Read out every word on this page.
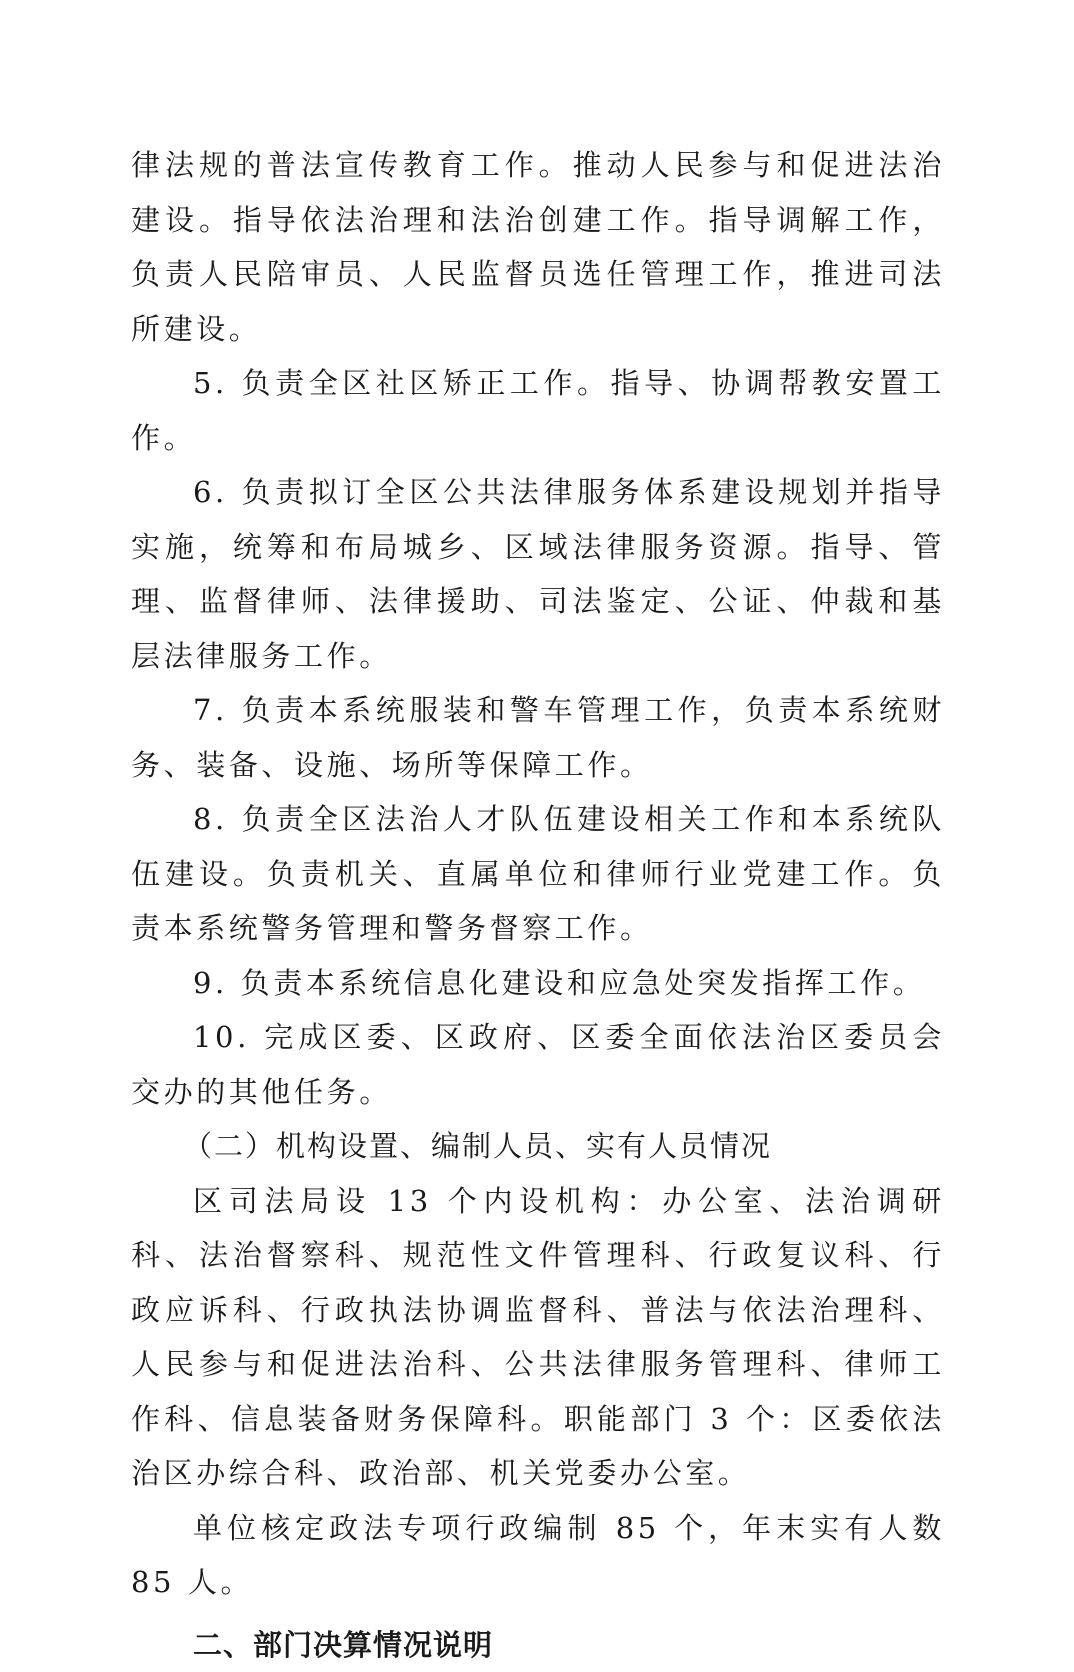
律法规的普法宣传教育工作。推动人民参与和促进法治建设。指导依法治理和法治创建工作。指导调解工作，负责人民陪审员、人民监督员选任管理工作，推进司法所建设。

5. 负责全区社区矫正工作。指导、协调帮教安置工作。

6. 负责拟订全区公共法律服务体系建设规划并指导实施，统筹和布局城乡、区域法律服务资源。指导、管理、监督律师、法律援助、司法鉴定、公证、仲裁和基层法律服务工作。

7. 负责本系统服装和警车管理工作，负责本系统财务、装备、设施、场所等保障工作。

8. 负责全区法治人才队伍建设相关工作和本系统队伍建设。负责机关、直属单位和律师行业党建工作。负责本系统警务管理和警务督察工作。

9. 负责本系统信息化建设和应急处突发指挥工作。

10. 完成区委、区政府、区委全面依法治区委员会交办的其他任务。

（二）机构设置、编制人员、实有人员情况

区司法局设 13 个内设机构：办公室、法治调研科、法治督察科、规范性文件管理科、行政复议科、行政应诉科、行政执法协调监督科、普法与依法治理科、人民参与和促进法治科、公共法律服务管理科、律师工作科、信息装备财务保障科。职能部门 3 个：区委依法治区办综合科、政治部、机关党委办公室。

单位核定政法专项行政编制 85 个，年末实有人数 85 人。

二、部门决算情况说明
